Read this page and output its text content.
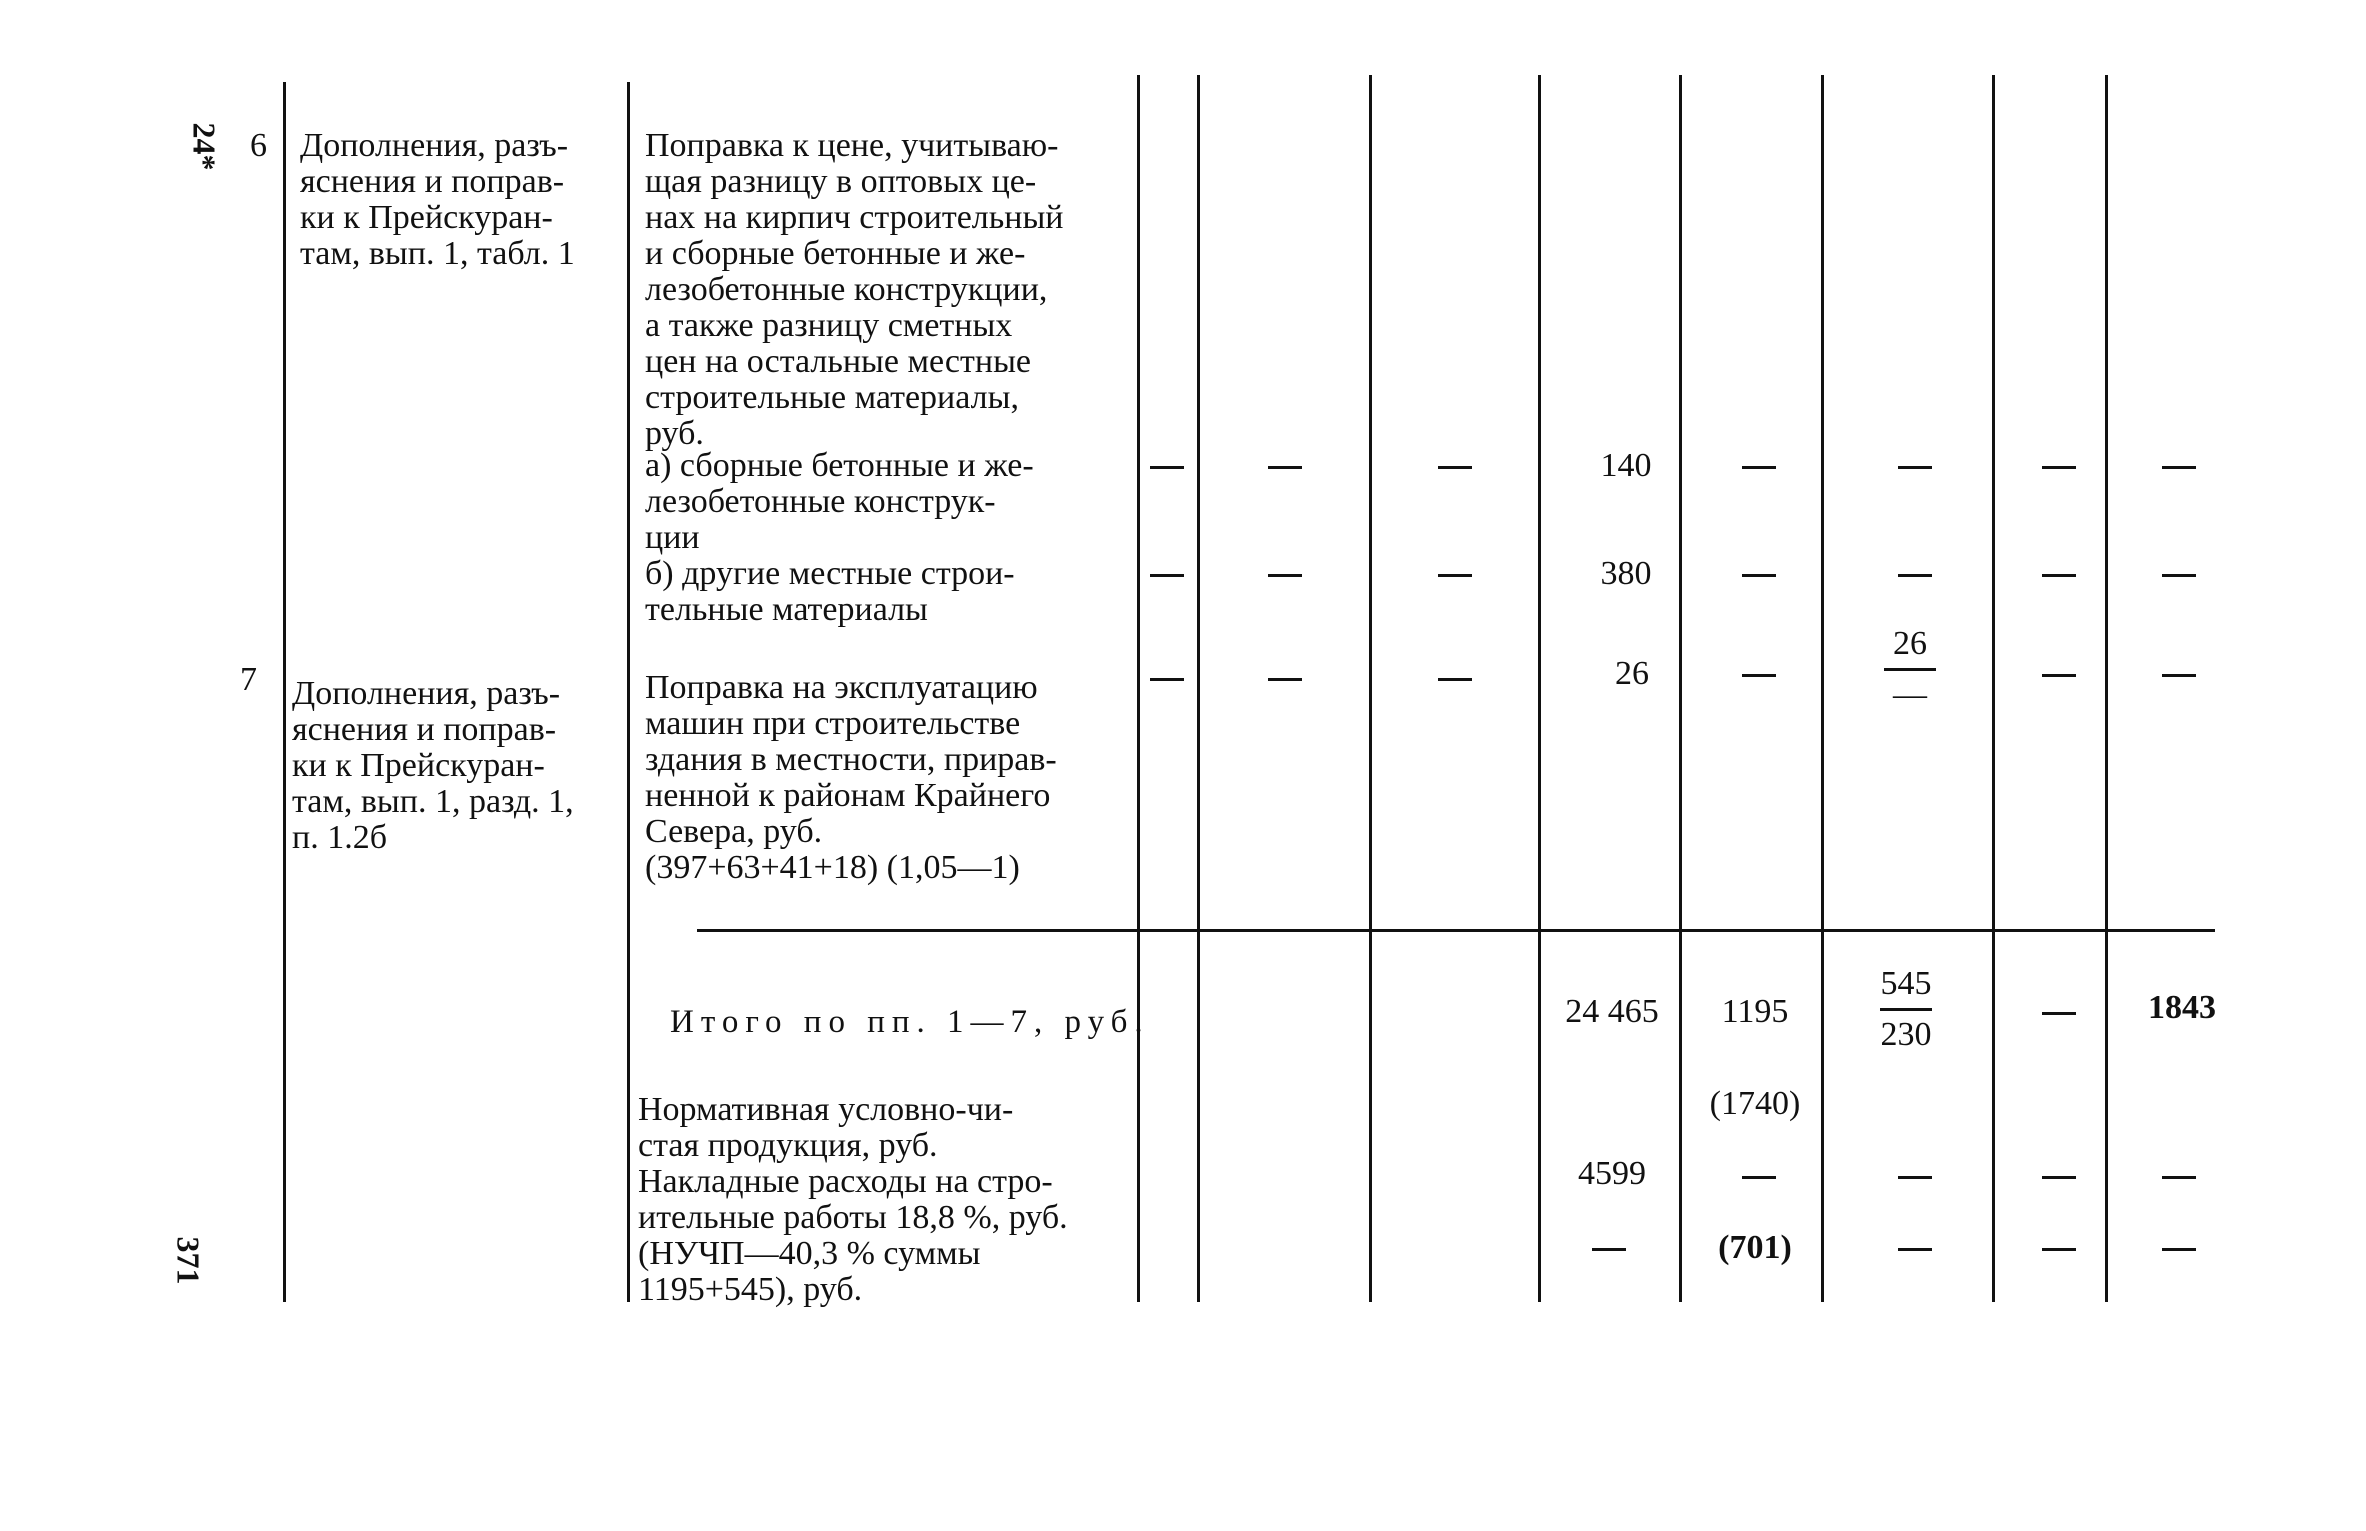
24*
371
6 Дополнения, разъ-
яснения и поправ-
ки к Прейскуран-
там, вып. 1, табл. 1
Поправка к цене, учитываю-
щая разницу в оптовых це-
нах на кирпич строительный
и сборные бетонные и же-
лезобетонные конструкции,
а также разницу сметных
цен на остальные местные
строительные материалы,
руб.
а) сборные бетонные и же-
лезобетонные конструк-
ции
140
б) другие местные строи-
тельные материалы
380
7 Дополнения, разъ-
яснения и поправ-
ки к Прейскуран-
там, вып. 1, разд. 1,
п. 1.2б
Поправка на эксплуатацию
машин при строительстве
здания в местности, прирав-
ненной к районам Крайнего
Севера, руб.
(397+63+41+18) (1,05—1)
26
26
—
Итого по пп. 1—7, руб.	24 465	1195
545
230
1843
Нормативная условно-чи-
стая продукция, руб.
(1740)
Накладные расходы на стро-
ительные работы 18,8 %, руб.
4599
(НУЧП—40,3 % суммы
1195+545), руб.
(701)
